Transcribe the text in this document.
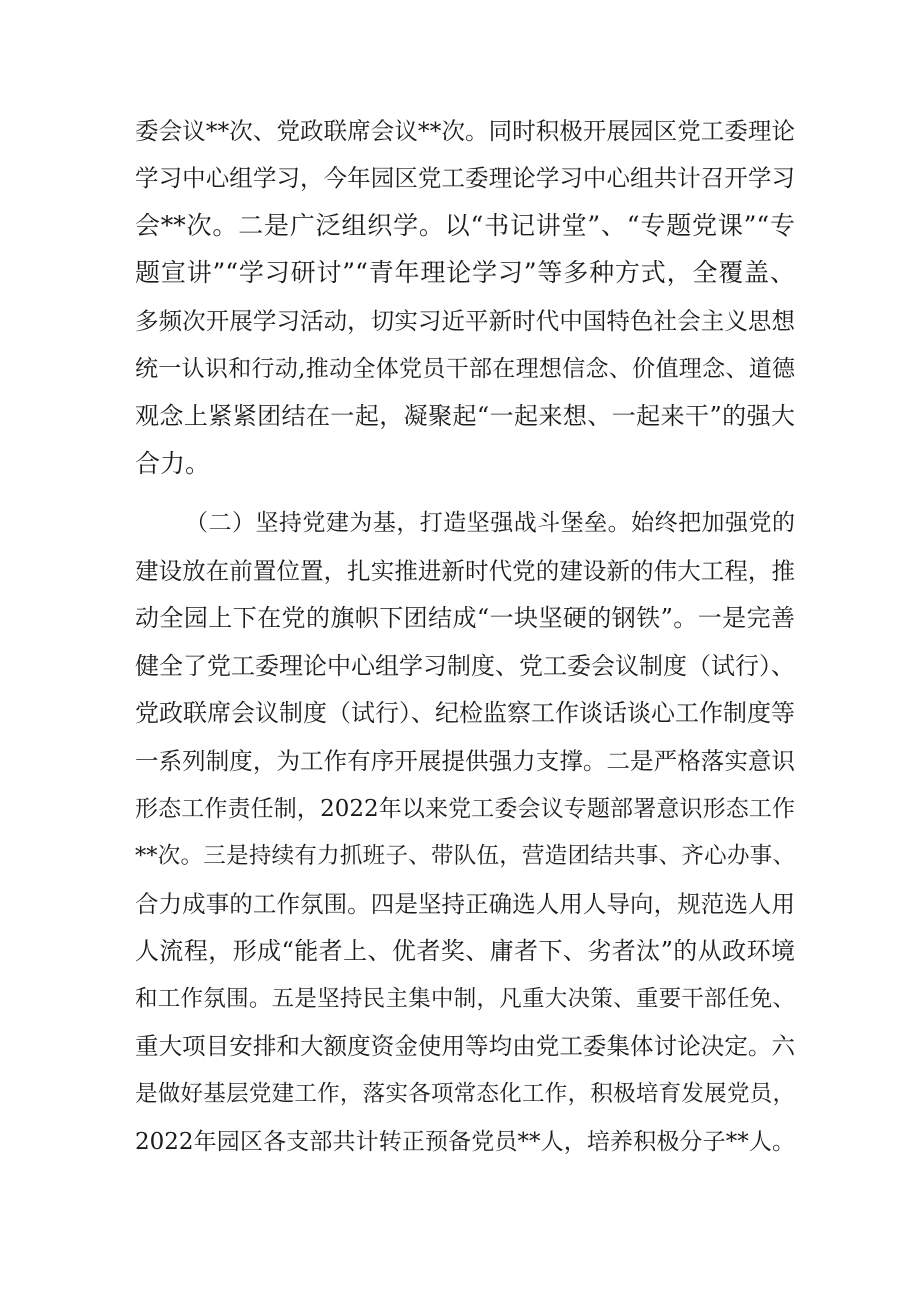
委会议**次、党政联席会议**次。同时积极开展园区党工委理论
学习中心组学习，今年园区党工委理论学习中心组共计召开学习
会**次。二是广泛组织学。以“书记讲堂”、“专题党课”“专
题宣讲”“学习研讨”“青年理论学习”等多种方式，全覆盖、
多频次开展学习活动，切实习近平新时代中国特色社会主义思想
统一认识和行动,推动全体党员干部在理想信念、价值理念、道德
观念上紧紧团结在一起，凝聚起“一起来想、一起来干”的强大
合力。
（二）坚持党建为基，打造坚强战斗堡垒。始终把加强党的
建设放在前置位置，扎实推进新时代党的建设新的伟大工程，推
动全园上下在党的旗帜下团结成“一块坚硬的钢铁”。一是完善
健全了党工委理论中心组学习制度、党工委会议制度（试行）、
党政联席会议制度（试行）、纪检监察工作谈话谈心工作制度等
一系列制度，为工作有序开展提供强力支撑。二是严格落实意识
形态工作责任制，2022年以来党工委会议专题部署意识形态工作
**次。三是持续有力抓班子、带队伍，营造团结共事、齐心办事、
合力成事的工作氛围。四是坚持正确选人用人导向，规范选人用
人流程，形成“能者上、优者奖、庸者下、劣者汰”的从政环境
和工作氛围。五是坚持民主集中制，凡重大决策、重要干部任免、
重大项目安排和大额度资金使用等均由党工委集体讨论决定。六
是做好基层党建工作，落实各项常态化工作，积极培育发展党员，
2022年园区各支部共计转正预备党员**人，培养积极分子**人。
